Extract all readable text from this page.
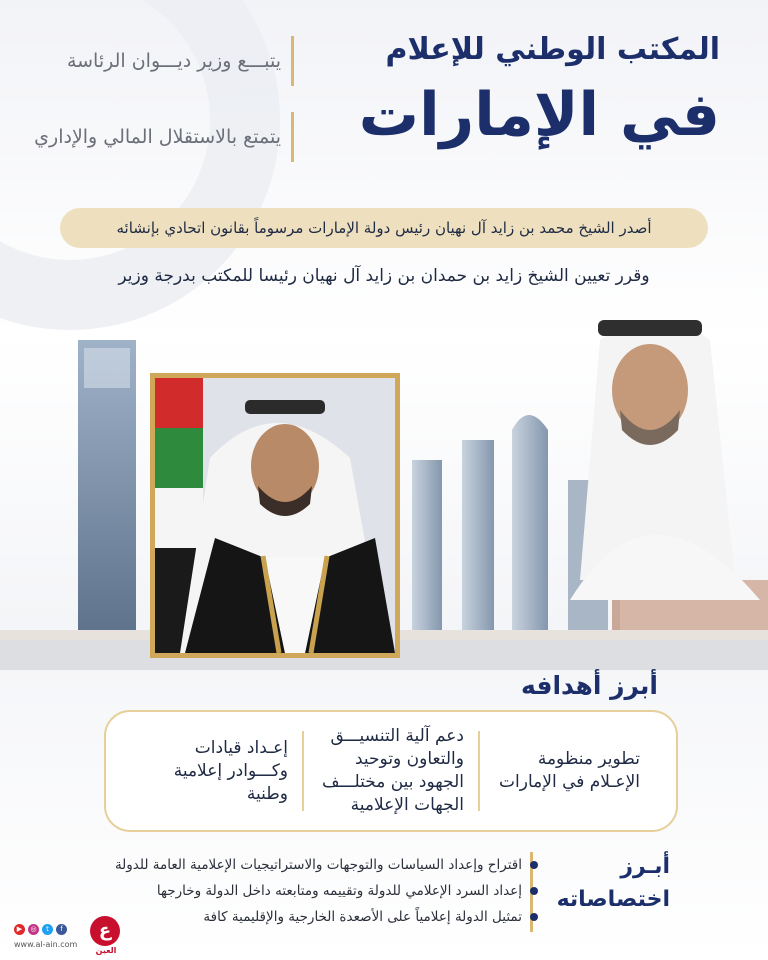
المكتب الوطني للإعلام
في الإمارات
يتبـــع وزير ديـــوان الرئاسة
يتمتع بالاستقلال المالي والإداري
أصدر الشيخ محمد بن زايد آل نهيان رئيس دولة الإمارات مرسوماً بقانون اتحادي بإنشائه
وقرر تعيين الشيخ زايد بن حمدان بن زايد آل نهيان رئيسا للمكتب بدرجة وزير
أبرز أهدافه
تطوير منظومة الإعـلام في الإمارات
دعم آلية التنسيـــق والتعاون وتوحيد الجهود بين مختلـــف الجهات الإعلامية
إعـداد قيادات وكـــوادر إعلامية وطنية
أبـرز
اختصاصاته
اقتراح وإعداد السياسات والتوجهات والاستراتيجيات الإعلامية العامة للدولة
إعداد السرد الإعلامي للدولة وتقييمه ومتابعته داخل الدولة وخارجها
تمثيل الدولة إعلامياً على الأصعدة الخارجية والإقليمية كافة
ع
العين
▶	◎	t	f
www.al-ain.com
